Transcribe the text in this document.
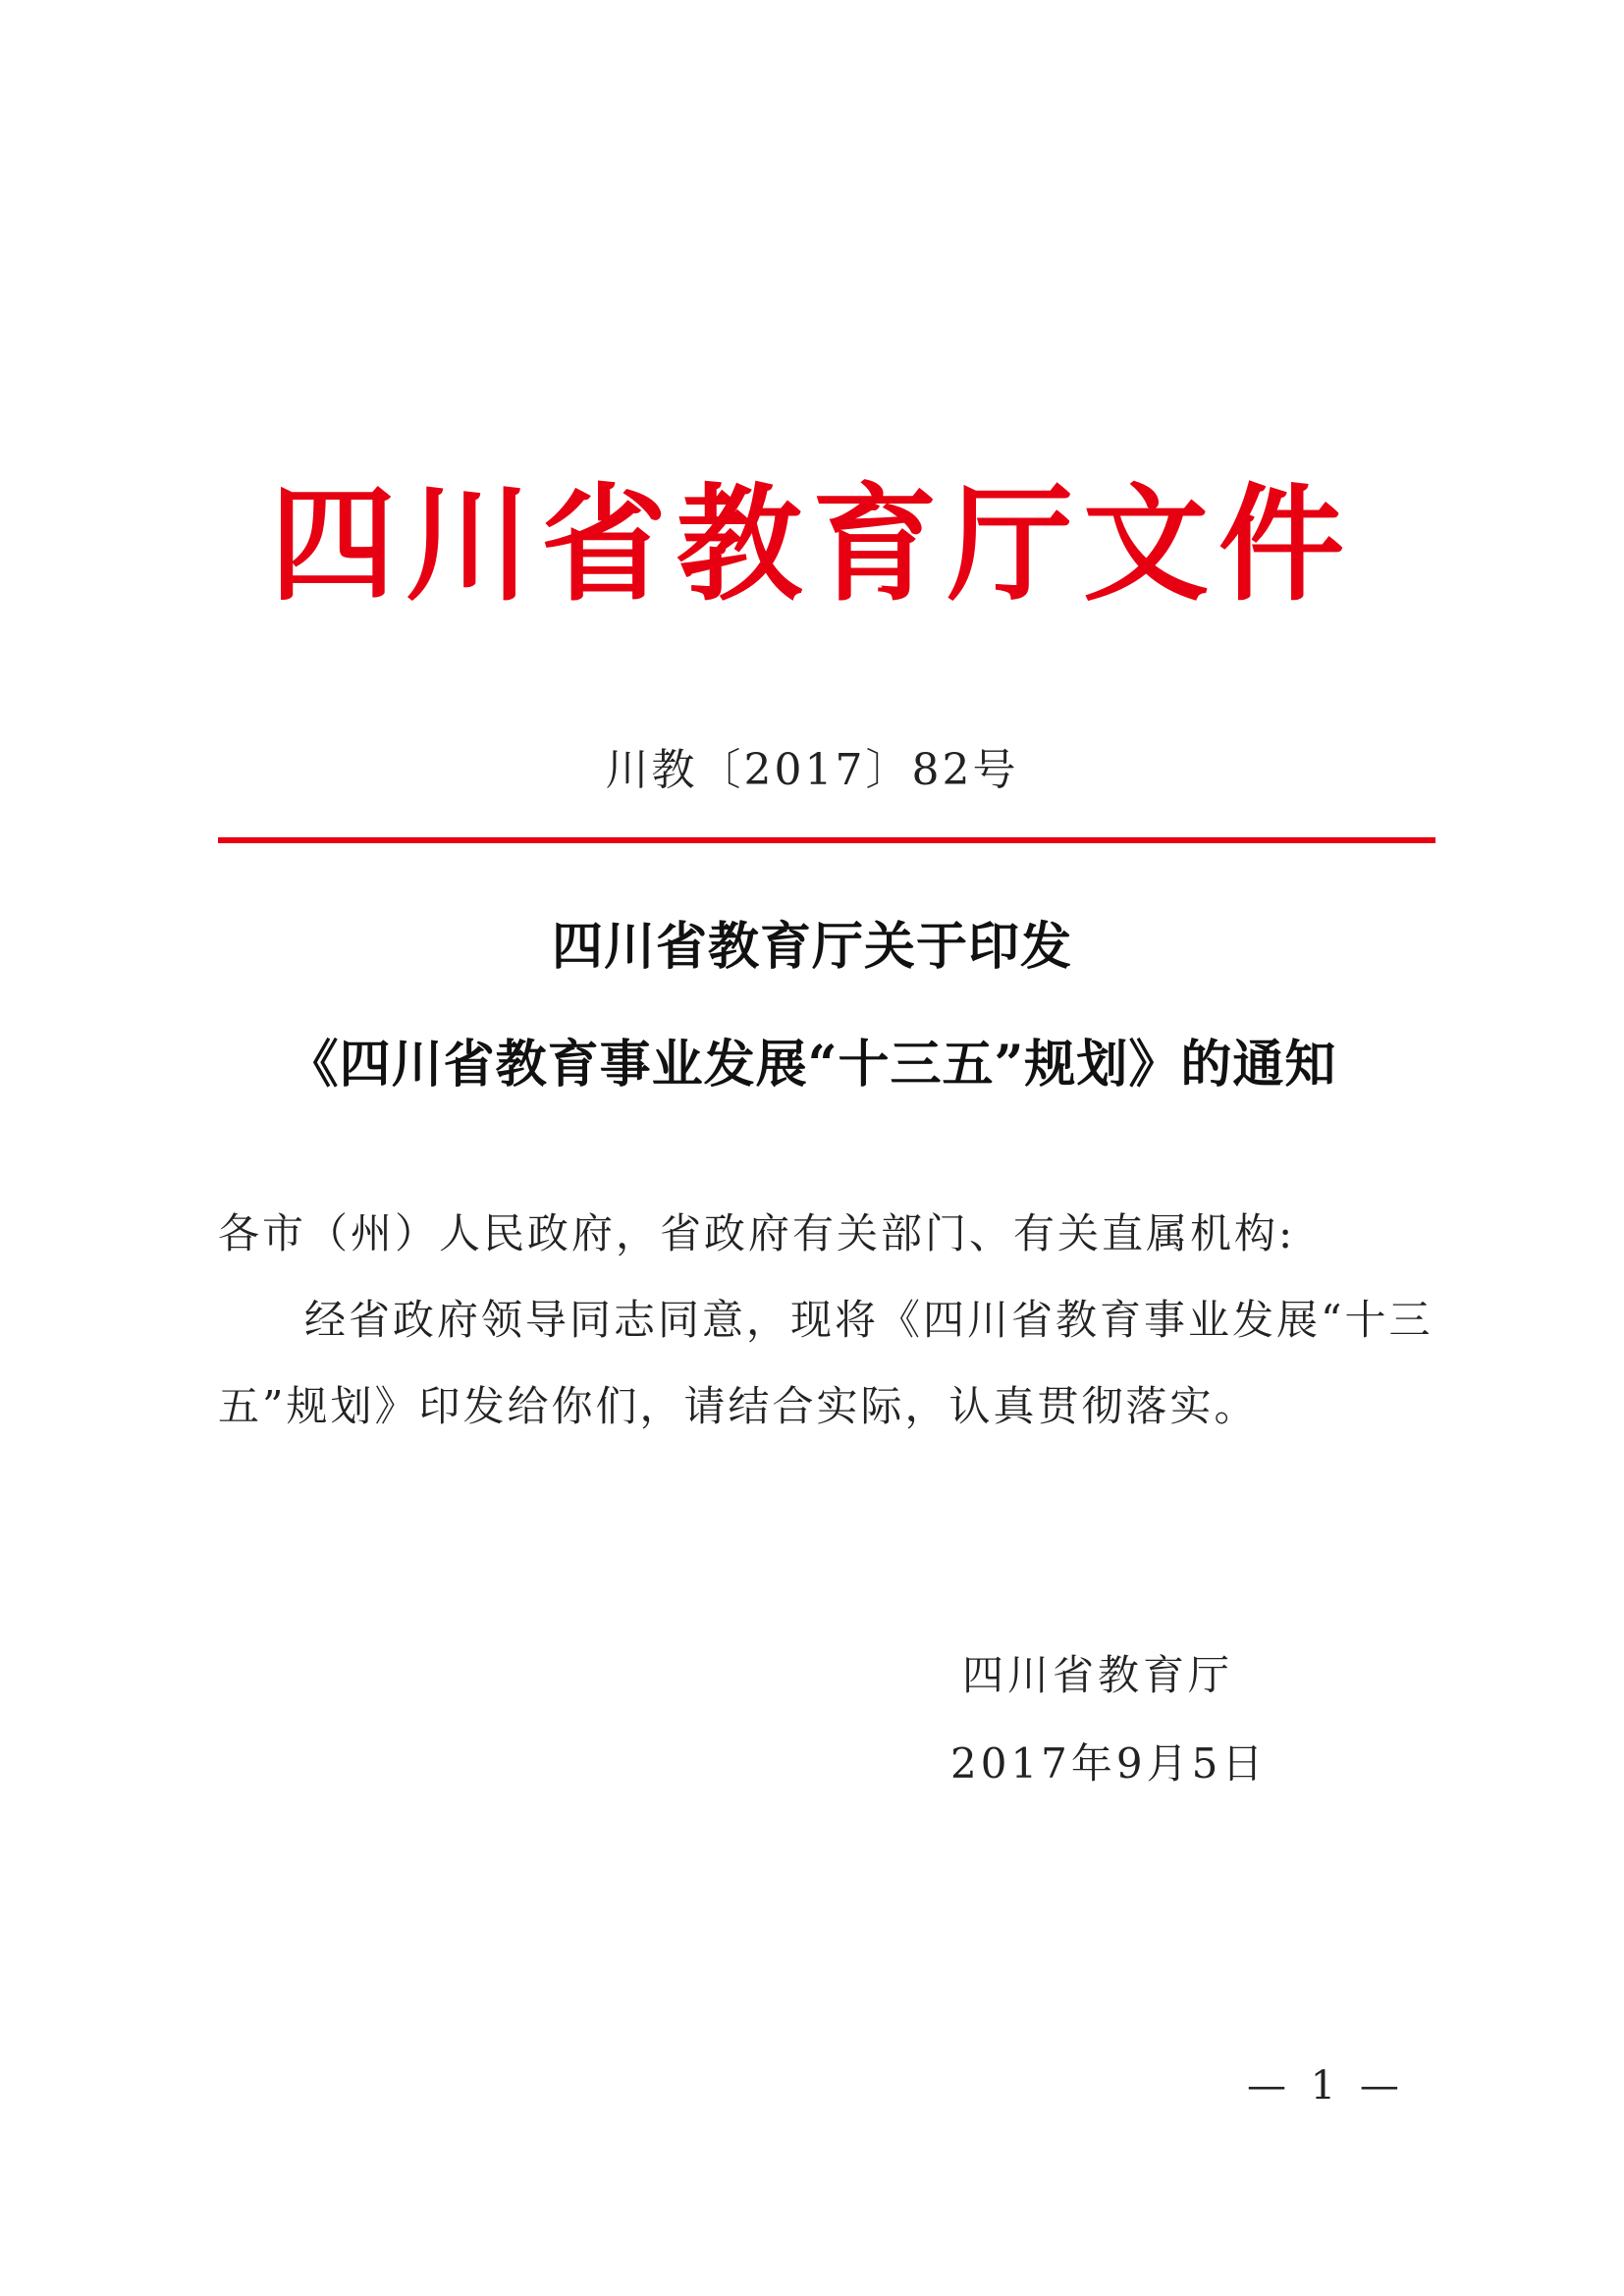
四川省教育厅文件
川教〔2017〕82号
四川省教育厅关于印发
《四川省教育事业发展“十三五”规划》的通知
各市（州）人民政府，省政府有关部门、有关直属机构:
经省政府领导同志同意，现将《四川省教育事业发展“十三
五”规划》印发给你们，请结合实际，认真贯彻落实。
四川省教育厅
2017年9月5日
— 1 —
